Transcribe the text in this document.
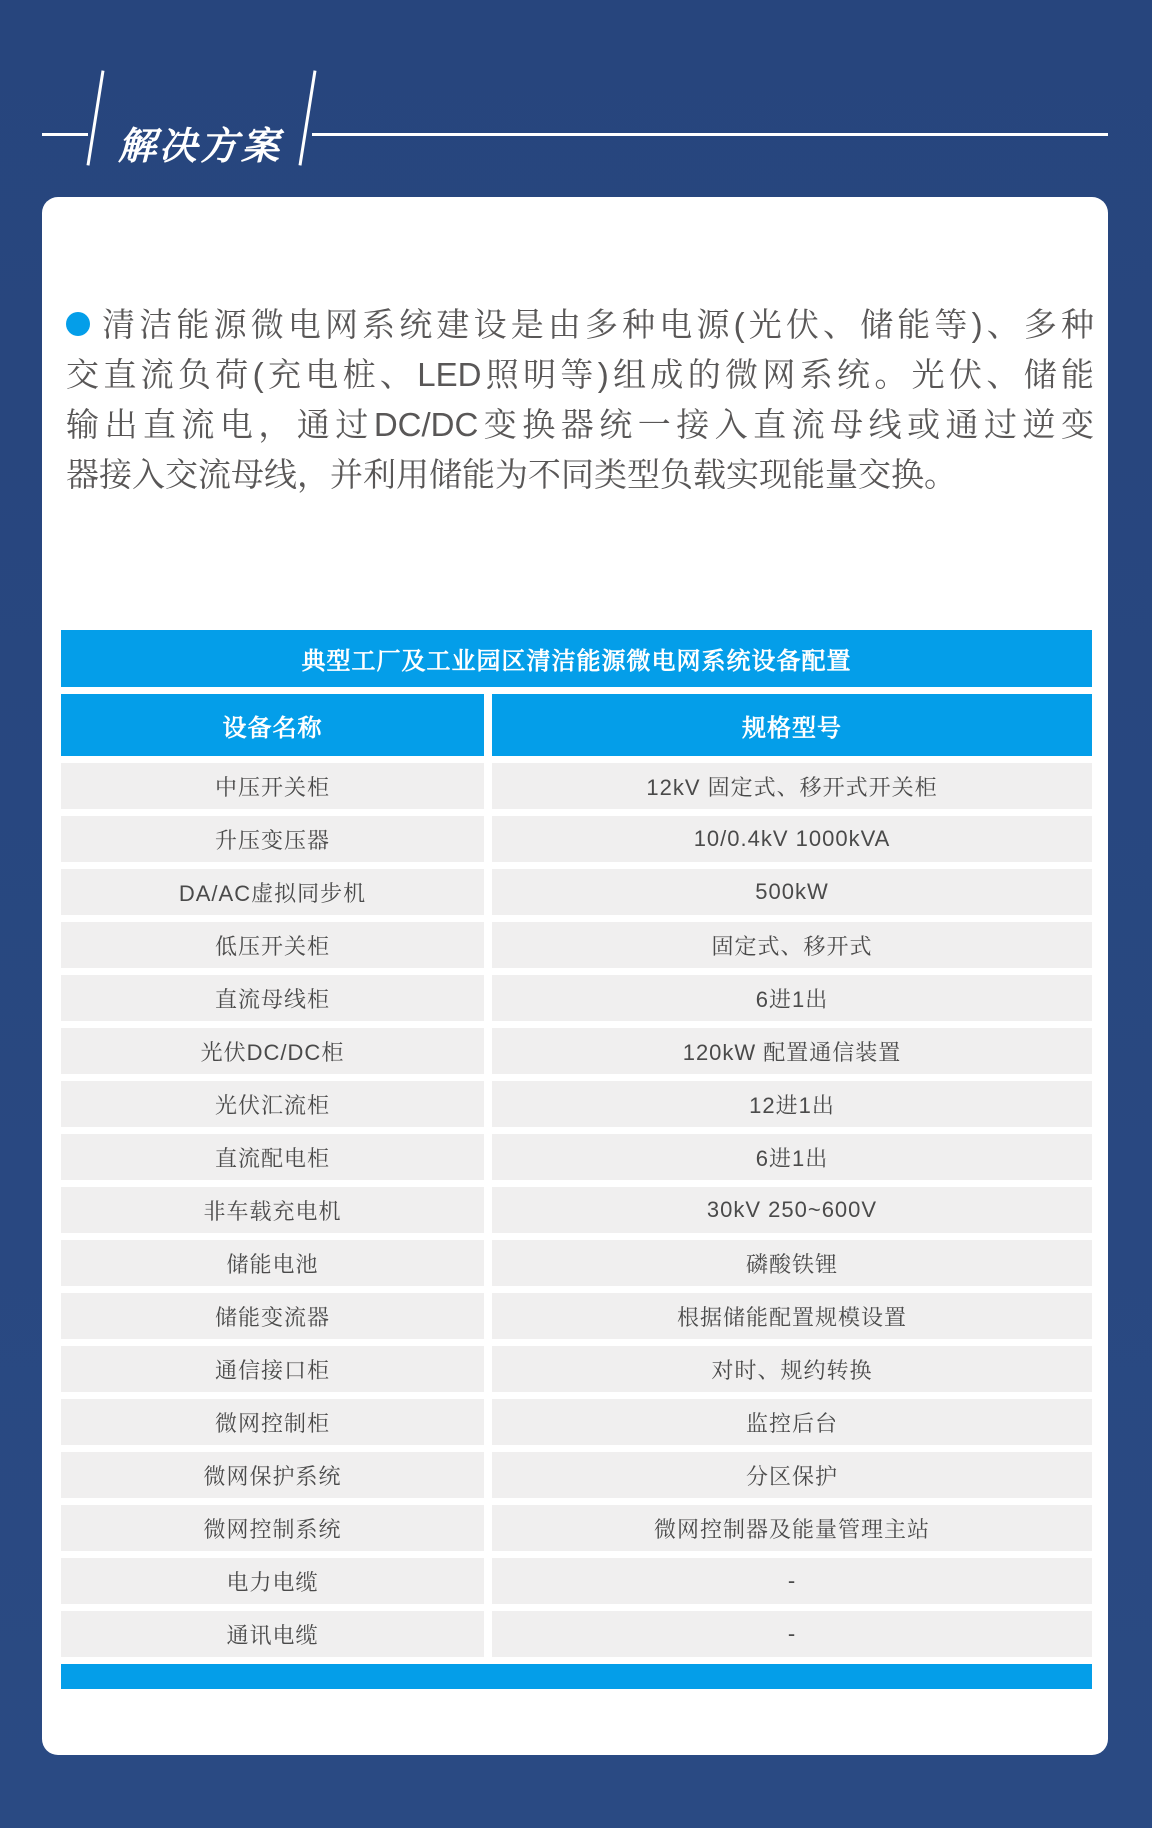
解决方案
清洁能源微电网系统建设是由多种电源(光伏、储能等)、多种
交直流负荷(充电桩、LED照明等)组成的微网系统。光伏、储能
输出直流电，通过DC/DC变换器统一接入直流母线或通过逆变
器接入交流母线，并利用储能为不同类型负载实现能量交换。
典型工厂及工业园区清洁能源微电网系统设备配置
设备名称	规格型号
中压开关柜	12kV 固定式、移开式开关柜
升压变压器	10/0.4kV 1000kVA
DA/AC虚拟同步机	500kW
低压开关柜	固定式、移开式
直流母线柜	6进1出
光伏DC/DC柜	120kW 配置通信装置
光伏汇流柜	12进1出
直流配电柜	6进1出
非车载充电机	30kV 250~600V
储能电池	磷酸铁锂
储能变流器	根据储能配置规模设置
通信接口柜	对时、规约转换
微网控制柜	监控后台
微网保护系统	分区保护
微网控制系统	微网控制器及能量管理主站
电力电缆	-
通讯电缆	-
